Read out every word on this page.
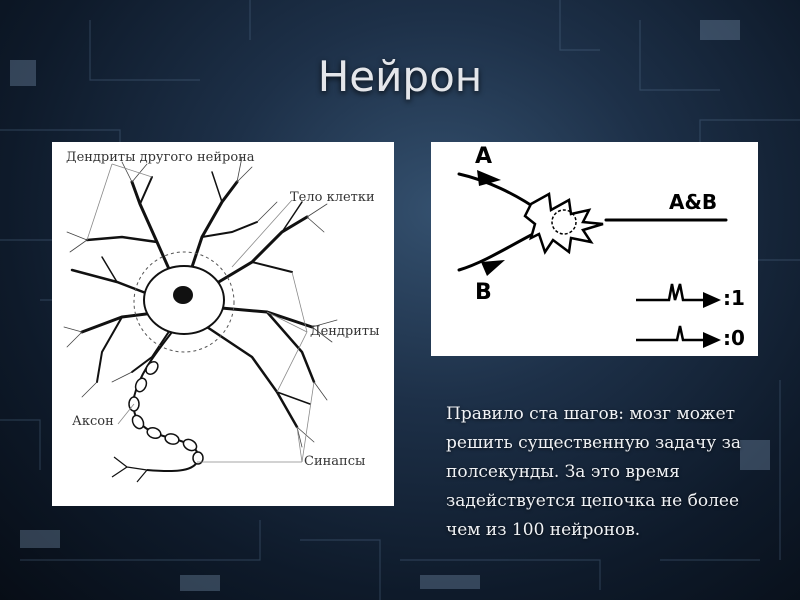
Нейрон
Дендриты другого нейрона
Тело клетки
Дендриты
Аксон
Синапсы
A
B
A&B
:1
:0
Правило ста шагов: мозг может
решить существенную задачу за
полсекунды. За это время
задействуется цепочка не более
чем из 100 нейронов.
